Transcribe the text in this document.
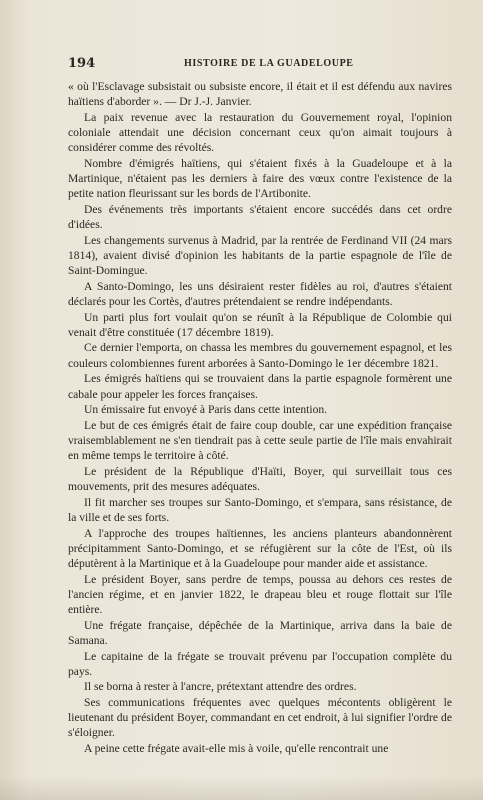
194	HISTOIRE DE LA GUADELOUPE

« où l'Esclavage subsistait ou subsiste encore, il était et il est défendu aux navires haïtiens d'aborder ». — Dr J.-J. Janvier.

La paix revenue avec la restauration du Gouvernement royal, l'opinion coloniale attendait une décision concernant ceux qu'on aimait toujours à considérer comme des révoltés.

Nombre d'émigrés haïtiens, qui s'étaient fixés à la Guadeloupe et à la Martinique, n'étaient pas les derniers à faire des vœux contre l'existence de la petite nation fleurissant sur les bords de l'Artibonite.

Des événements très importants s'étaient encore succédés dans cet ordre d'idées.

Les changements survenus à Madrid, par la rentrée de Ferdinand VII (24 mars 1814), avaient divisé d'opinion les habitants de la partie espagnole de l'île de Saint-Domingue.

A Santo-Domingo, les uns désiraient rester fidèles au roi, d'autres s'étaient déclarés pour les Cortès, d'autres prétendaient se rendre indépendants.

Un parti plus fort voulait qu'on se réunît à la République de Colombie qui venait d'être constituée (17 décembre 1819).

Ce dernier l'emporta, on chassa les membres du gouvernement espagnol, et les couleurs colombiennes furent arborées à Santo-Domingo le 1er décembre 1821.

Les émigrés haïtiens qui se trouvaient dans la partie espagnole formèrent une cabale pour appeler les forces françaises.

Un émissaire fut envoyé à Paris dans cette intention.

Le but de ces émigrés était de faire coup double, car une expédition française vraisemblablement ne s'en tiendrait pas à cette seule partie de l'île mais envahirait en même temps le territoire à côté.

Le président de la République d'Haïti, Boyer, qui surveillait tous ces mouvements, prit des mesures adéquates.

Il fit marcher ses troupes sur Santo-Domingo, et s'empara, sans résistance, de la ville et de ses forts.

A l'approche des troupes haïtiennes, les anciens planteurs abandonnèrent précipitamment Santo-Domingo, et se réfugièrent sur la côte de l'Est, où ils députèrent à la Martinique et à la Guadeloupe pour mander aide et assistance.

Le président Boyer, sans perdre de temps, poussa au dehors ces restes de l'ancien régime, et en janvier 1822, le drapeau bleu et rouge flottait sur l'île entière.

Une frégate française, dépêchée de la Martinique, arriva dans la baie de Samana.

Le capitaine de la frégate se trouvait prévenu par l'occupation complète du pays.

Il se borna à rester à l'ancre, prétextant attendre des ordres.

Ses communications fréquentes avec quelques mécontents obligèrent le lieutenant du président Boyer, commandant en cet endroit, à lui signifier l'ordre de s'éloigner.

A peine cette frégate avait-elle mis à voile, qu'elle rencontrait une
